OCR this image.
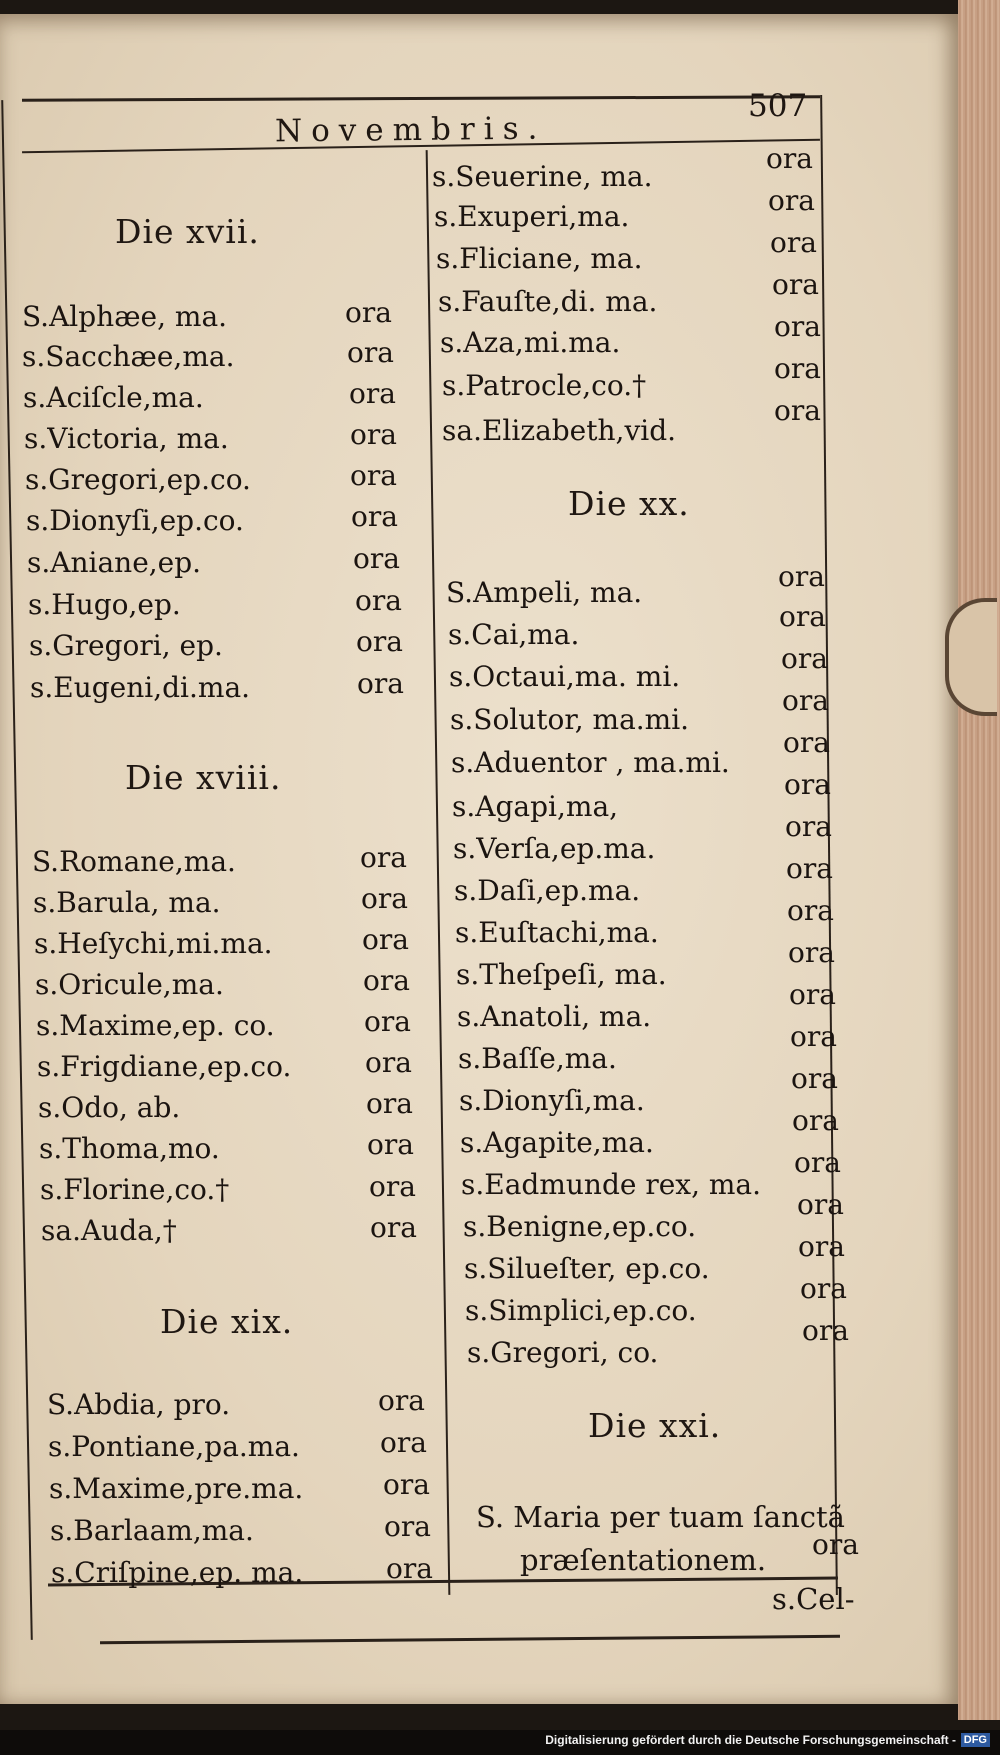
Novembris.
507
Die xvii.
S.Alphæe, ma.	ora
s.Sacchæe,ma.	ora
s.Aciſcle,ma.	ora
s.Victoria, ma.	ora
s.Gregori,ep.co.	ora
s.Dionyſi,ep.co.	ora
s.Aniane,ep.	ora
s.Hugo,ep.	ora
s.Gregori, ep.	ora
s.Eugeni,di.ma.	ora
Die xviii.
S.Romane,ma.	ora
s.Barula, ma.	ora
s.Heſychi,mi.ma.	ora
s.Oricule,ma.	ora
s.Maxime,ep. co.	ora
s.Frigdiane,ep.co.	ora
s.Odo, ab.	ora
s.Thoma,mo.	ora
s.Florine,co.†	ora
sa.Auda,†	ora
Die xix.
S.Abdia, pro.	ora
s.Pontiane,pa.ma.	ora
s.Maxime,pre.ma.	ora
s.Barlaam,ma.	ora
s.Criſpine,ep. ma.	ora
s.Seuerine, ma.
ora
s.Exuperi,ma.	ora
s.Fliciane, ma.	ora
s.Fauſte,di. ma.
ora
s.Aza,mi.ma.	ora
s.Patrocle,co.†
ora
sa.Elizabeth,vid.
ora
Die xx.
S.Ampeli, ma.	ora
s.Cai,ma.
ora
s.Octaui,ma. mi.
ora
s.Solutor, ma.mi.
ora
s.Aduentor , ma.mi.
ora
s.Agapi,ma,
ora
s.Verſa,ep.ma.
ora
s.Daſi,ep.ma.
ora
s.Euſtachi,ma.
ora
s.Theſpeſi, ma.
ora
s.Anatoli, ma.
ora
s.Baſſe,ma.
ora
s.Dionyſi,ma.
ora
s.Agapite,ma.
ora
s.Eadmunde rex, ma.
ora
s.Benigne,ep.co.
ora
s.Silueſter, ep.co.
ora
s.Simplici,ep.co.
ora
s.Gregori, co.
ora
Die xxi.
S. Maria per tuam ſanctã
præſentationem. ora
s.Cel-
Digitalisierung gefördert durch die Deutsche Forschungsgemeinschaft - DFG
